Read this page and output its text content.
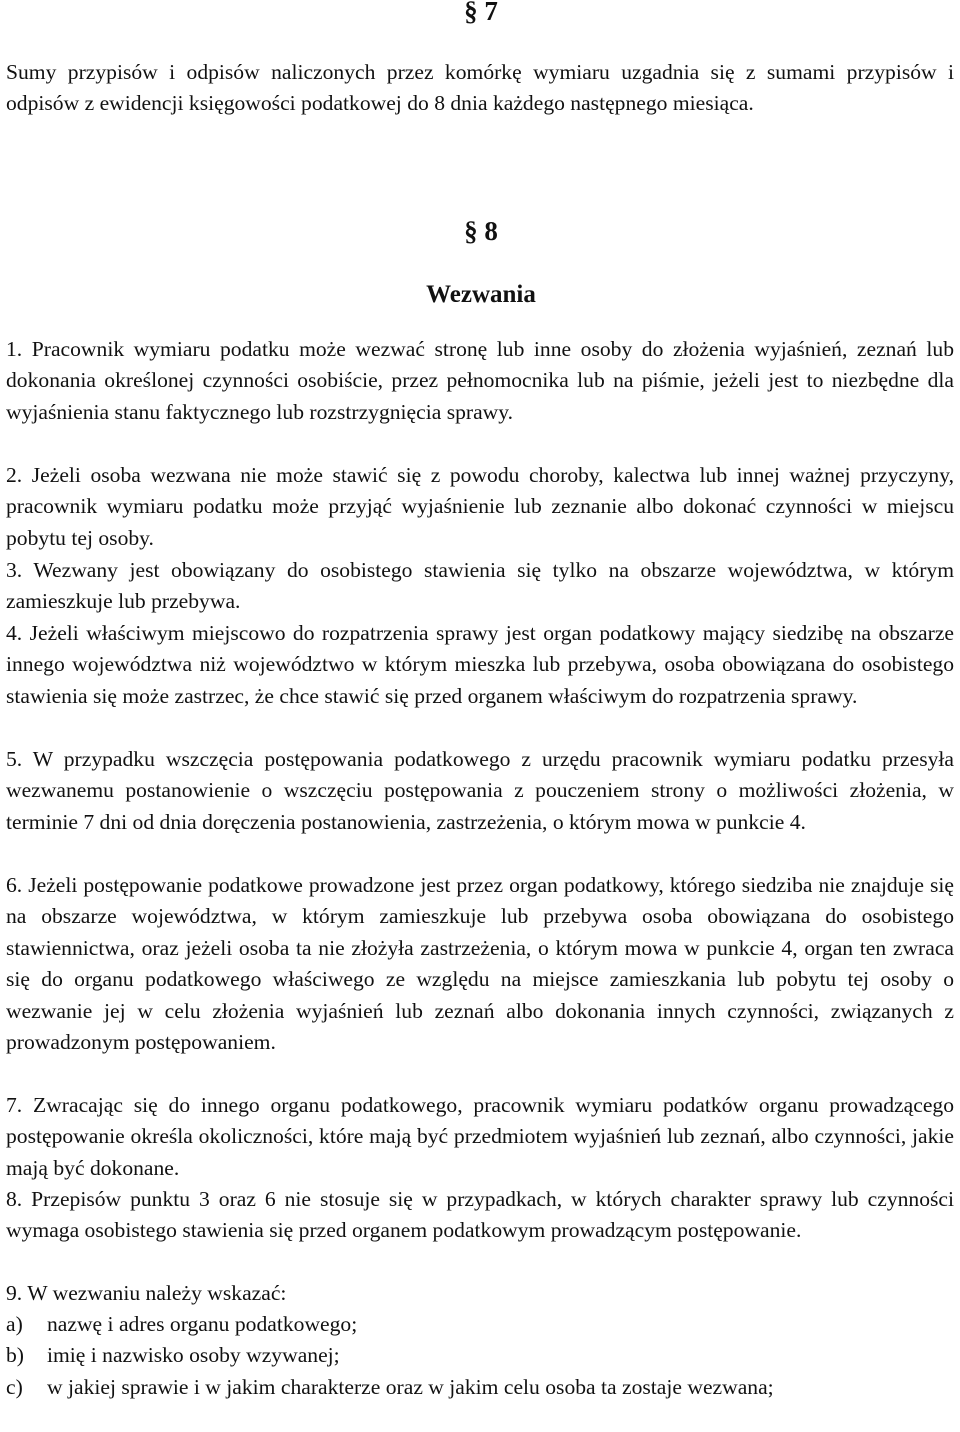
§ 7

Sumy przypisów i odpisów naliczonych przez komórkę wymiaru uzgadnia się z sumami przypisów i odpisów z ewidencji księgowości podatkowej do 8 dnia każdego następnego miesiąca.

§ 8
Wezwania

1. Pracownik wymiaru podatku może wezwać stronę lub inne osoby do złożenia wyjaśnień, zeznań lub dokonania określonej czynności osobiście, przez pełnomocnika lub na piśmie, jeżeli jest to niezbędne dla wyjaśnienia stanu faktycznego lub rozstrzygnięcia sprawy.

2. Jeżeli osoba wezwana nie może stawić się z powodu choroby, kalectwa lub innej ważnej przyczyny, pracownik wymiaru podatku może przyjąć wyjaśnienie lub zeznanie albo dokonać czynności w miejscu pobytu tej osoby.

3. Wezwany jest obowiązany do osobistego stawienia się tylko na obszarze województwa, w którym zamieszkuje lub przebywa.

4. Jeżeli właściwym miejscowo do rozpatrzenia sprawy jest organ podatkowy mający siedzibę na obszarze innego województwa niż województwo w którym mieszka lub przebywa, osoba obowiązana do osobistego stawienia się może zastrzec, że chce stawić się przed organem właściwym do rozpatrzenia sprawy.

5. W przypadku wszczęcia postępowania podatkowego z urzędu pracownik wymiaru podatku przesyła wezwanemu postanowienie o wszczęciu postępowania z pouczeniem strony o możliwości złożenia, w terminie 7 dni od dnia doręczenia postanowienia, zastrzeżenia, o którym mowa w punkcie 4.

6. Jeżeli postępowanie podatkowe prowadzone jest przez organ podatkowy, którego siedziba nie znajduje się na obszarze województwa, w którym zamieszkuje lub przebywa osoba obowiązana do osobistego stawiennictwa, oraz jeżeli osoba ta nie złożyła zastrzeżenia, o którym mowa w punkcie 4, organ ten zwraca się do organu podatkowego właściwego ze względu na miejsce zamieszkania lub pobytu tej osoby o wezwanie jej w celu złożenia wyjaśnień lub zeznań albo dokonania innych czynności, związanych z prowadzonym postępowaniem.

7. Zwracając się do innego organu podatkowego, pracownik wymiaru podatków organu prowadzącego postępowanie określa okoliczności, które mają być przedmiotem wyjaśnień lub zeznań, albo czynności, jakie mają być dokonane.

8. Przepisów punktu 3 oraz 6 nie stosuje się w przypadkach, w których charakter sprawy lub czynności wymaga osobistego stawienia się przed organem podatkowym prowadzącym postępowanie.

9. W wezwaniu należy wskazać:

a)	nazwę i adres organu podatkowego;
b)	imię i nazwisko osoby wzywanej;
c)	w jakiej sprawie i w jakim charakterze oraz w jakim celu osoba ta zostaje wezwana;
